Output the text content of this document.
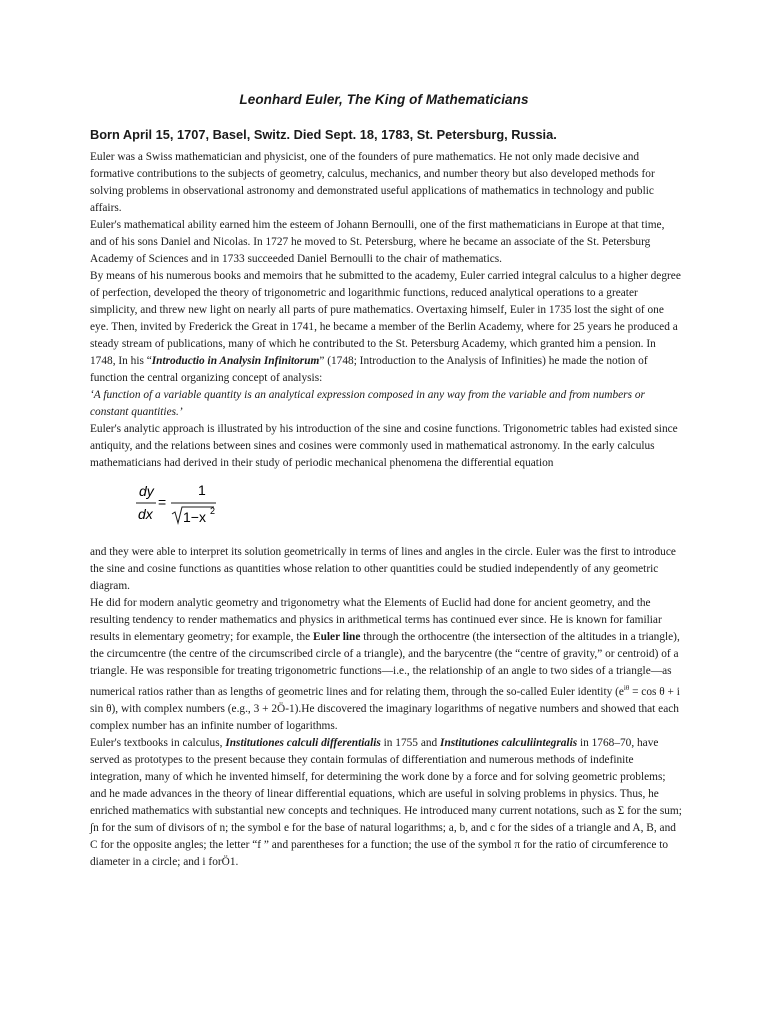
Leonhard Euler, The King of Mathematicians
Born April 15, 1707, Basel, Switz. Died Sept. 18, 1783, St. Petersburg, Russia.

Euler was a Swiss mathematician and physicist, one of the founders of pure mathematics. He not only made decisive and formative contributions to the subjects of geometry, calculus, mechanics, and number theory but also developed methods for solving problems in observational astronomy and demonstrated useful applications of mathematics in technology and public affairs.

Euler's mathematical ability earned him the esteem of Johann Bernoulli, one of the first mathematicians in Europe at that time, and of his sons Daniel and Nicolas. In 1727 he moved to St. Petersburg, where he became an associate of the St. Petersburg Academy of Sciences and in 1733 succeeded Daniel Bernoulli to the chair of mathematics.

By means of his numerous books and memoirs that he submitted to the academy, Euler carried integral calculus to a higher degree of perfection, developed the theory of trigonometric and logarithmic functions, reduced analytical operations to a greater simplicity, and threw new light on nearly all parts of pure mathematics. Overtaxing himself, Euler in 1735 lost the sight of one eye. Then, invited by Frederick the Great in 1741, he became a member of the Berlin Academy, where for 25 years he produced a steady stream of publications, many of which he contributed to the St. Petersburg Academy, which granted him a pension. In 1748, In his “Introductio in Analysin Infinitorum” (1748; Introduction to the Analysis of Infinities) he made the notion of function the central organizing concept of analysis:

‘A function of a variable quantity is an analytical expression composed in any way from the variable and from numbers or constant quantities.’

Euler's analytic approach is illustrated by his introduction of the sine and cosine functions. Trigonometric tables had existed since antiquity, and the relations between sines and cosines were commonly used in mathematical astronomy. In the early calculus mathematicians had derived in their study of periodic mechanical phenomena the differential equation

dy
dx
=
1
1−x 2

and they were able to interpret its solution geometrically in terms of lines and angles in the circle. Euler was the first to introduce the sine and cosine functions as quantities whose relation to other quantities could be studied independently of any geometric diagram.

He did for modern analytic geometry and trigonometry what the Elements of Euclid had done for ancient geometry, and the resulting tendency to render mathematics and physics in arithmetical terms has continued ever since. He is known for familiar results in elementary geometry; for example, the Euler line through the orthocentre (the intersection of the altitudes in a triangle), the circumcentre (the centre of the circumscribed circle of a triangle), and the barycentre (the “centre of gravity,” or centroid) of a triangle. He was responsible for treating trigonometric functions—i.e., the relationship of an angle to two sides of a triangle—as numerical ratios rather than as lengths of geometric lines and for relating them, through the so-called Euler identity ($e^{i\theta} = \cos \theta + i$ sin θ), with complex numbers (e.g., 3 + 2Ö-1).He discovered the imaginary logarithms of negative numbers and showed that each complex number has an infinite number of logarithms.

Euler's textbooks in calculus, Institutiones calculi differentialis in 1755 and Institutiones calculiintegralis in 1768–70, have served as prototypes to the present because they contain formulas of differentiation and numerous methods of indefinite integration, many of which he invented himself, for determining the work done by a force and for solving geometric problems; and he made advances in the theory of linear differential equations, which are useful in solving problems in physics. Thus, he enriched mathematics with substantial new concepts and techniques. He introduced many current notations, such as Σ for the sum; ∫n for the sum of divisors of n; the symbol e for the base of natural logarithms; a, b, and c for the sides of a triangle and A, B, and C for the opposite angles; the letter “f ” and parentheses for a function; the use of the symbol π for the ratio of circumference to diameter in a circle; and i forÖ1.
